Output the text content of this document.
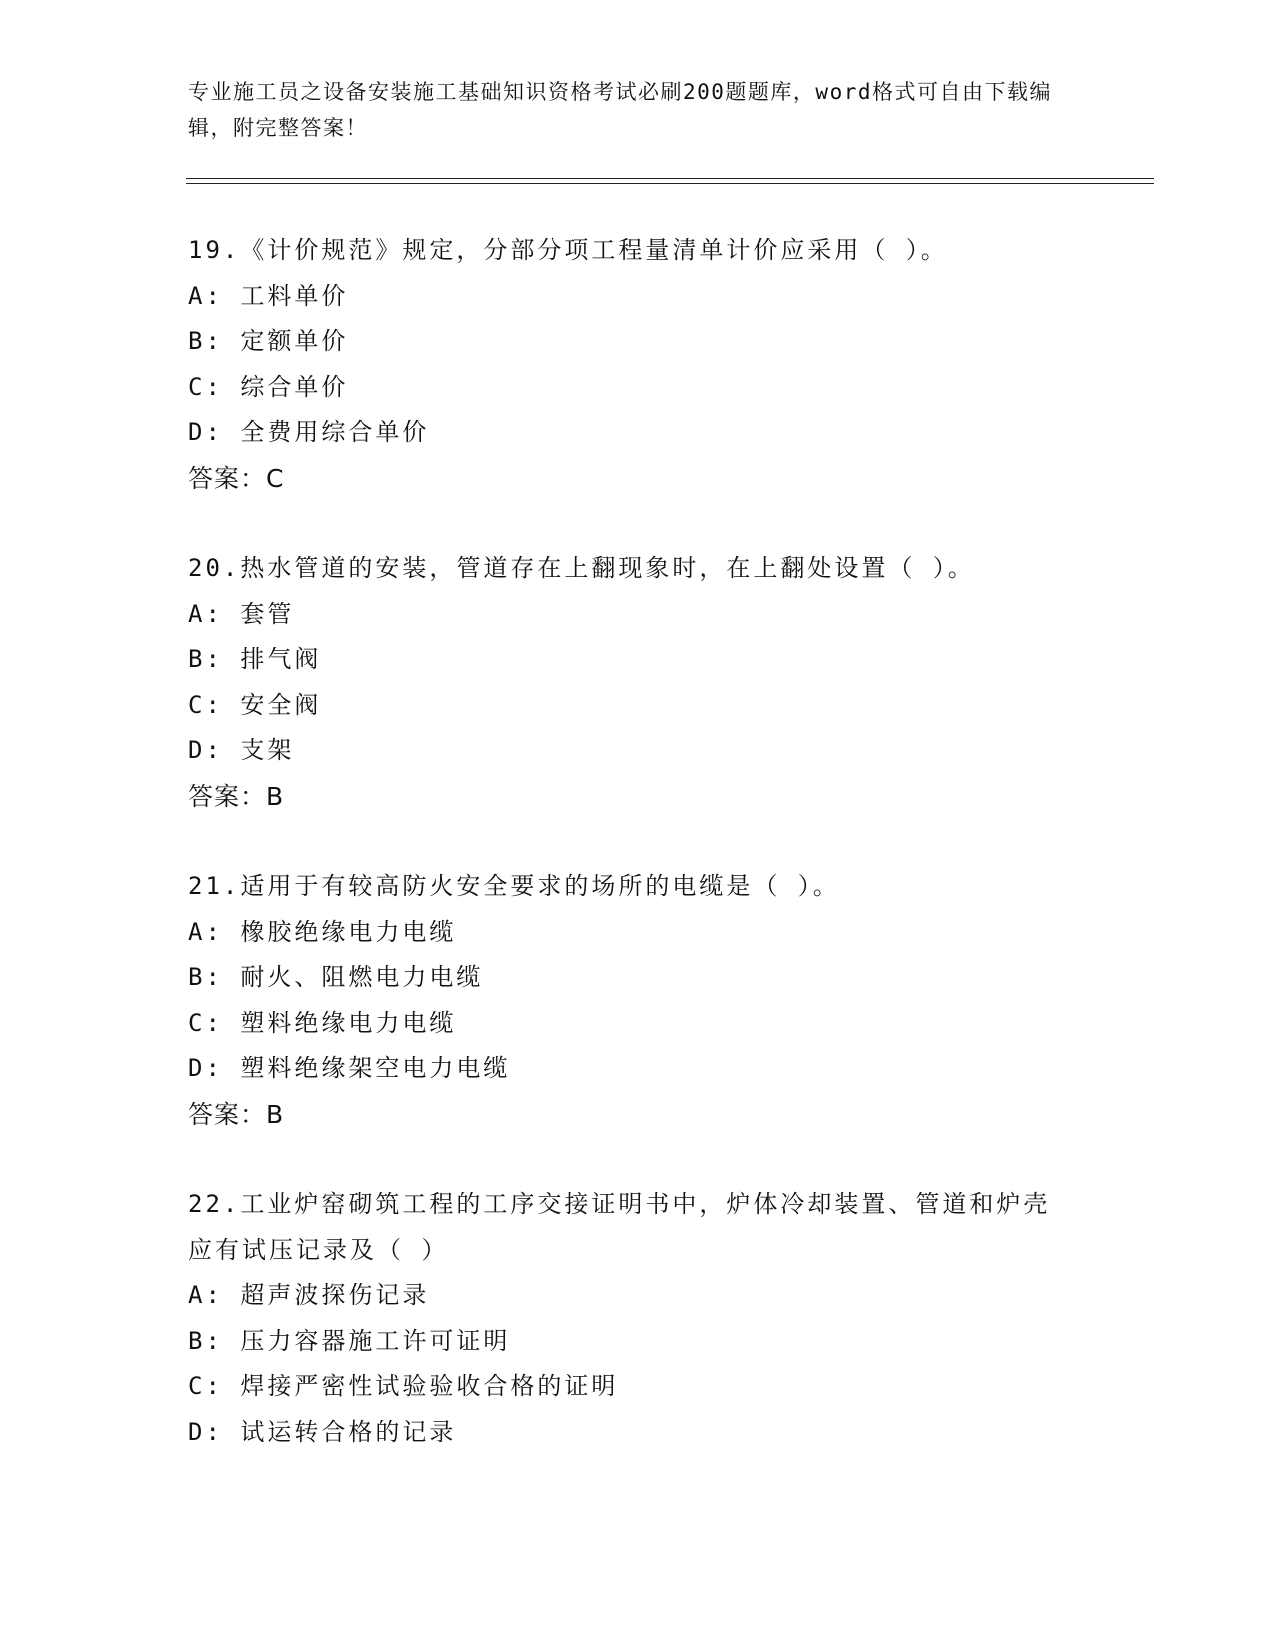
专业施工员之设备安装施工基础知识资格考试必刷200题题库，word格式可自由下载编辑，附完整答案！
19.《计价规范》规定，分部分项工程量清单计价应采用（ ）。
A: 工料单价
B: 定额单价
C: 综合单价
D: 全费用综合单价
答案：C
20.热水管道的安装，管道存在上翻现象时，在上翻处设置（ ）。
A: 套管
B: 排气阀
C: 安全阀
D: 支架
答案：B
21.适用于有较高防火安全要求的场所的电缆是（ ）。
A: 橡胶绝缘电力电缆
B: 耐火、阻燃电力电缆
C: 塑料绝缘电力电缆
D: 塑料绝缘架空电力电缆
答案：B
22.工业炉窑砌筑工程的工序交接证明书中，炉体冷却装置、管道和炉壳应有试压记录及（ ）
A: 超声波探伤记录
B: 压力容器施工许可证明
C: 焊接严密性试验验收合格的证明
D: 试运转合格的记录
